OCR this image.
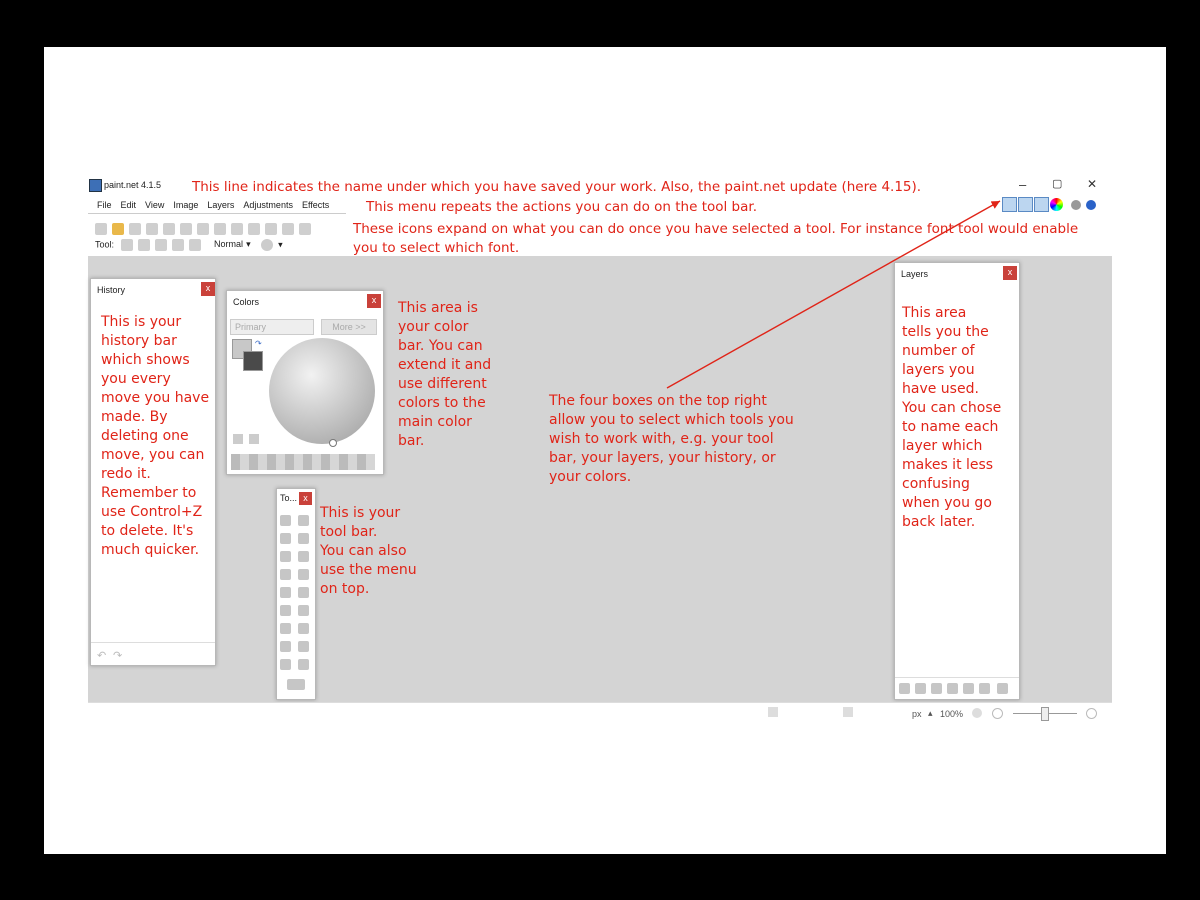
paint.net 4.1.5	– ▢ ✕
File Edit View Image Layers Adjustments Effects
Tool:	Normal ▾	▾
History	x
↶ ↷
Colors	x
Primary	More >>
↷
To... x
Layers	x
px ▴ 100%
This line indicates the name under which you have saved your work. Also, the paint.net update (here 4.15).
This menu repeats the actions you can do on the tool bar.
These icons expand on what you can do once you have selected a tool. For instance font tool would enable
you to select which font.
This is your
history bar
which shows
you every
move you have
made. By
deleting one
move, you can
redo it.
Remember to
use Control+Z
to delete. It's
much quicker.
This area is
your color
bar. You can
extend it and
use different
colors to the
main color
bar.
This is your
tool bar.
You can also
use the menu
on top.
The four boxes on the top right
allow you to select which tools you
wish to work with, e.g. your tool
bar, your layers, your history, or
your colors.
This area
tells you the
number of
layers you
have used.
You can chose
to name each
layer which
makes it less
confusing
when you go
back later.
